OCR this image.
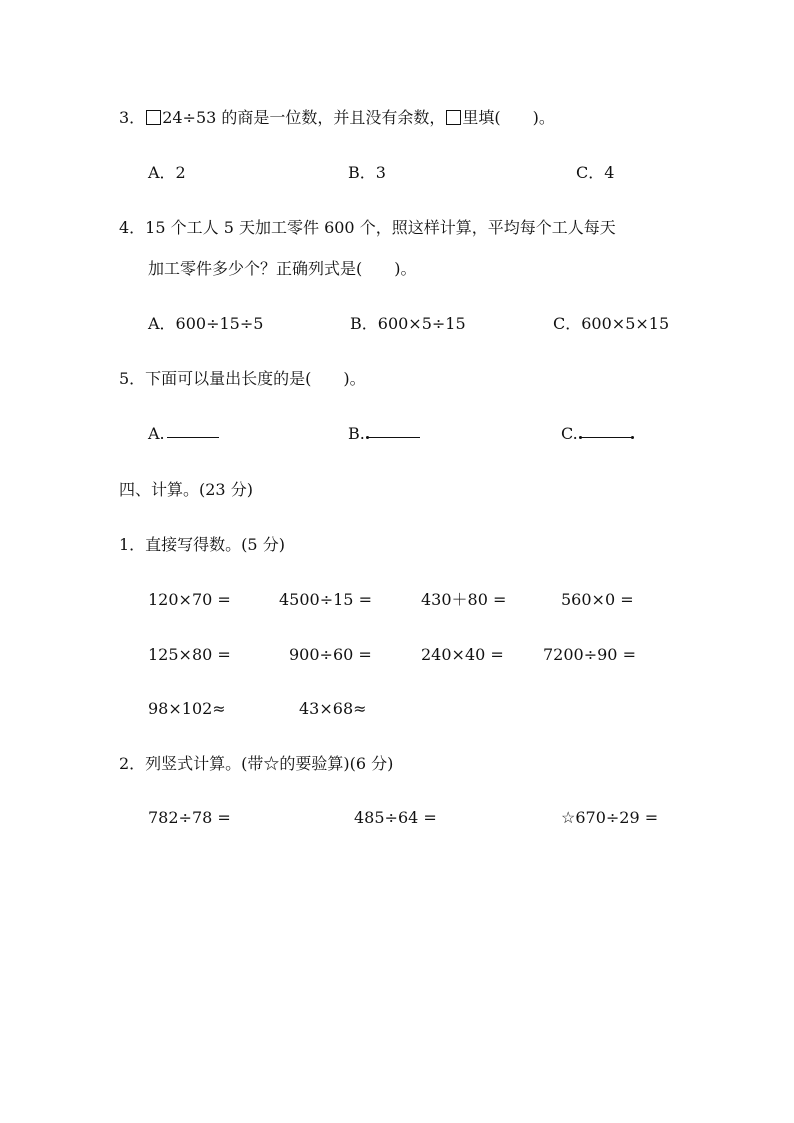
3． 24÷53 的商是一位数，并且没有余数， 里填(　　)。
A．2	B．3	C．4
4．15 个工人 5 天加工零件 600 个，照这样计算，平均每个工人每天
加工零件多少个？正确列式是(　　)。
A．600÷15÷5	B．600×5÷15	C．600×5×15
5．下面可以量出长度的是(　　)。
A.	B.	C.
四、计算。(23 分)
1．直接写得数。(5 分)
120×70 =	4500÷15 =	430＋80 =	560×0 =
125×80 =	900÷60 =	240×40 = 7200÷90 =
98×102≈	43×68≈
2．列竖式计算。(带☆的要验算)(6 分)
782÷78 =	485÷64 =	☆670÷29 =
